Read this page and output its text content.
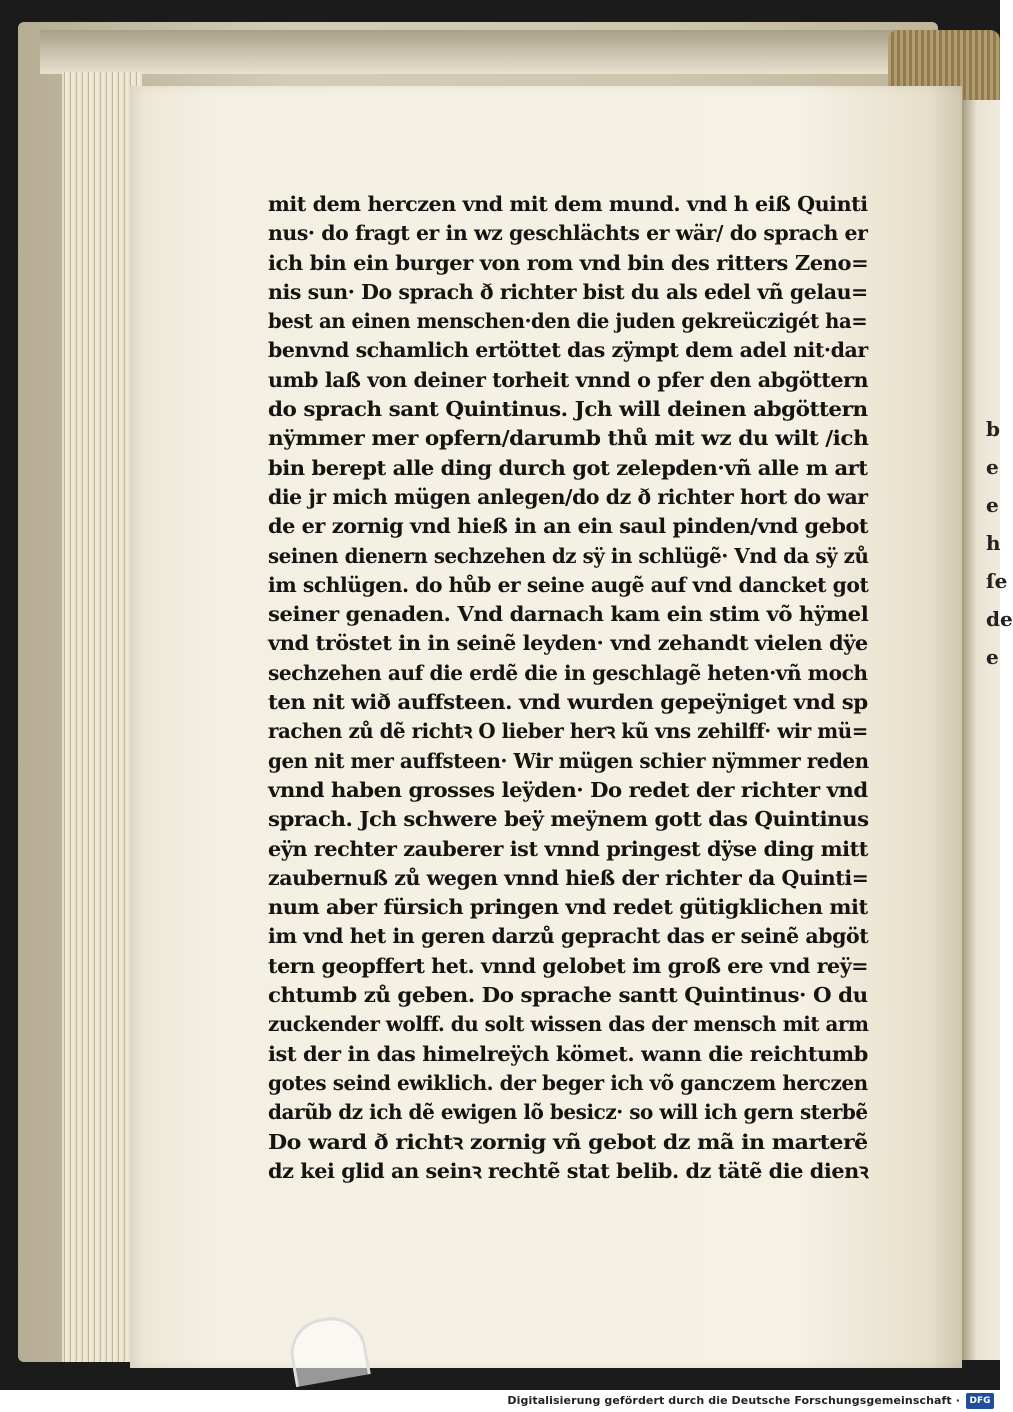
b
e
e
h
ſe
de
e
mit dem herczen vnd mit dem mund. vnd h eiß Quinti
nus· do fragt er in wz geschlächts er wär/ do sprach er
ich bin ein burger von rom vnd bin des ritters Zeno=
nis sun· Do sprach ð richter bist du als edel vñ gelau=
best an einen menschen·den die juden gekreüczigét ha=
benvnd schamlich ertöttet das zÿmpt dem adel nit·dar
umb laß von deiner torheit vnnd o pfer den abgöttern
do sprach sant Quintinus. Jch will deinen abgöttern
nÿmmer mer opfern/darumb thů mit wz du wilt /ich
bin berept alle ding durch got zelepden·vñ alle m art
die jr mich mügen anlegen/do dz ð richter hort do war
de er zornig vnd hieß in an ein saul pinden/vnd gebot
seinen dienern sechzehen dz sÿ in schlügẽ· Vnd da sÿ zů
im schlügen. do hůb er seine augẽ auf vnd dancket got
seiner genaden. Vnd darnach kam ein stim võ hÿmel
vnd tröstet in in seinẽ leyden· vnd zehandt vielen dÿe
sechzehen auf die erdẽ die in geschlagẽ heten·vñ moch
ten nit wið auffsteen. vnd wurden gepeÿniget vnd sp
rachen zů dẽ richtꝛ O lieber herꝛ kũ vns zehilff· wir mü=
gen nit mer auffsteen· Wir mügen schier nÿmmer reden
vnnd haben grosses leÿden· Do redet der richter vnd
sprach. Jch schwere beÿ meÿnem gott das Quintinus
eÿn rechter zauberer ist vnnd pringest dÿse ding mitt
zaubernuß zů wegen vnnd hieß der richter da Quinti=
num aber fürsich pringen vnd redet gütigklichen mit
im vnd het in geren darzů gepracht das er seinẽ abgöt
tern geopffert het. vnnd gelobet im groß ere vnd reÿ=
chtumb zů geben. Do sprache santt Quintinus· O du
zuckender wolff. du solt wissen das der mensch mit arm
ist der in das himelreÿch kömet. wann die reichtumb
gotes seind ewiklich. der beger ich võ ganczem herczen
darũb dz ich dẽ ewigen lõ besicz· so will ich gern sterbẽ
Do ward ð richtꝛ zornig vñ gebot dz mã in marterẽ
dz kei glid an seinꝛ rechtẽ stat belib. dz tätẽ die dienꝛ
Digitalisierung gefördert durch die Deutsche Forschungsgemeinschaft ·	DFG
